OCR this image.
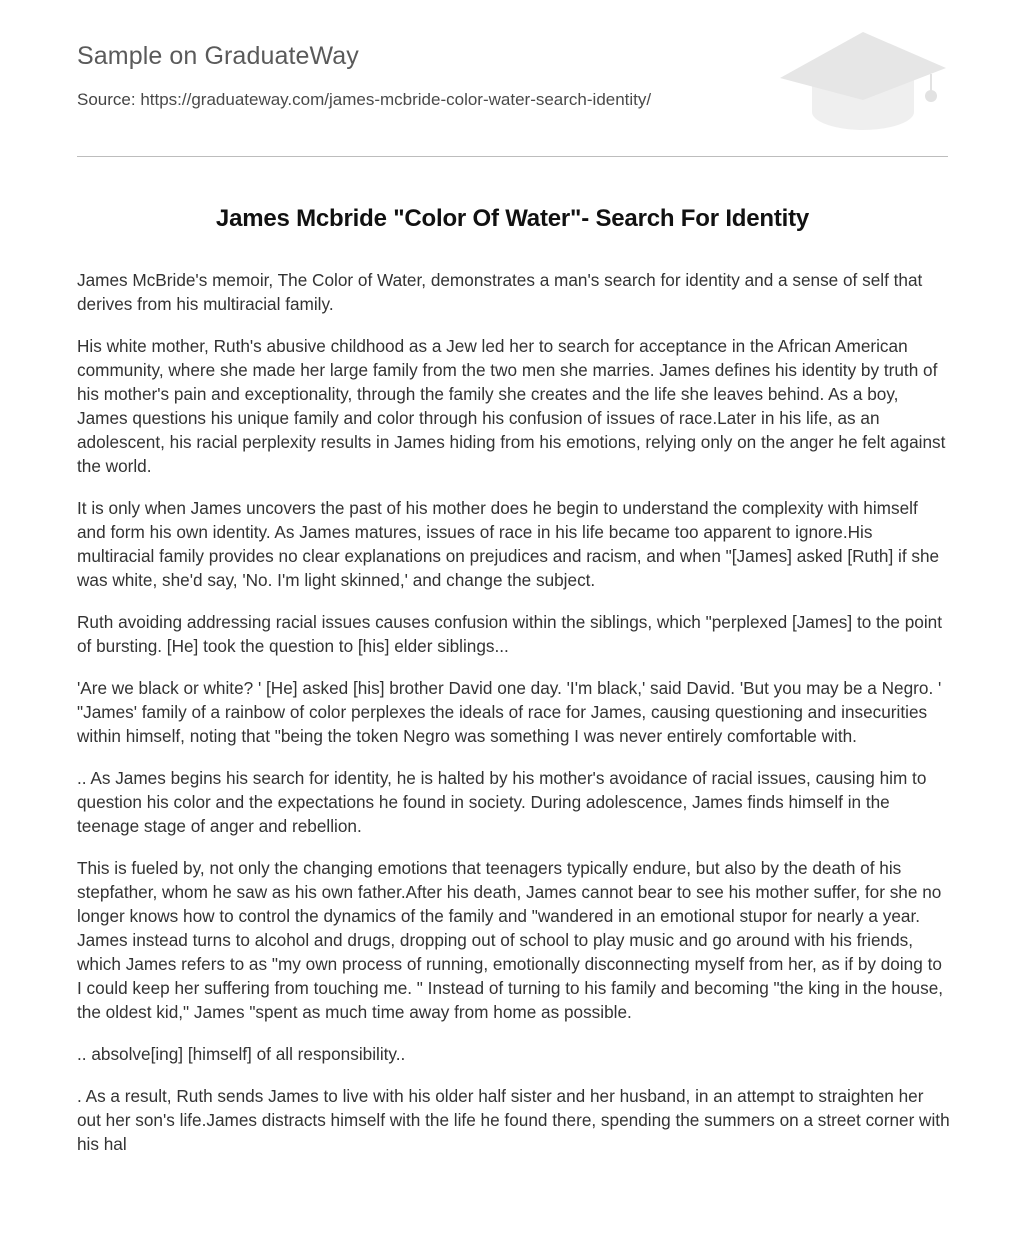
Sample on GraduateWay
Source: https://graduateway.com/james-mcbride-color-water-search-identity/
James Mcbride "Color Of Water"- Search For Identity

James McBride's memoir, The Color of Water, demonstrates a man's search for identity and a sense of self that derives from his multiracial family.

His white mother, Ruth's abusive childhood as a Jew led her to search for acceptance in the African American community, where she made her large family from the two men she marries. James defines his identity by truth of his mother's pain and exceptionality, through the family she creates and the life she leaves behind. As a boy, James questions his unique family and color through his confusion of issues of race.Later in his life, as an adolescent, his racial perplexity results in James hiding from his emotions, relying only on the anger he felt against the world.

It is only when James uncovers the past of his mother does he begin to understand the complexity with himself and form his own identity. As James matures, issues of race in his life became too apparent to ignore.His multiracial family provides no clear explanations on prejudices and racism, and when "[James] asked [Ruth] if she was white, she'd say, 'No. I'm light skinned,' and change the subject.

Ruth avoiding addressing racial issues causes confusion within the siblings, which "perplexed [James] to the point of bursting. [He] took the question to [his] elder siblings...

'Are we black or white? ' [He] asked [his] brother David one day. 'I'm black,' said David. 'But you may be a Negro. ' "James' family of a rainbow of color perplexes the ideals of race for James, causing questioning and insecurities within himself, noting that "being the token Negro was something I was never entirely comfortable with.

.. As James begins his search for identity, he is halted by his mother's avoidance of racial issues, causing him to question his color and the expectations he found in society. During adolescence, James finds himself in the teenage stage of anger and rebellion.

This is fueled by, not only the changing emotions that teenagers typically endure, but also by the death of his stepfather, whom he saw as his own father.After his death, James cannot bear to see his mother suffer, for she no longer knows how to control the dynamics of the family and "wandered in an emotional stupor for nearly a year. James instead turns to alcohol and drugs, dropping out of school to play music and go around with his friends, which James refers to as "my own process of running, emotionally disconnecting myself from her, as if by doing to I could keep her suffering from touching me. " Instead of turning to his family and becoming "the king in the house, the oldest kid," James "spent as much time away from home as possible.

.. absolve[ing] [himself] of all responsibility..

. As a result, Ruth sends James to live with his older half sister and her husband, in an attempt to straighten her out her son's life.James distracts himself with the life he found there, spending the summers on a street corner with his hal
